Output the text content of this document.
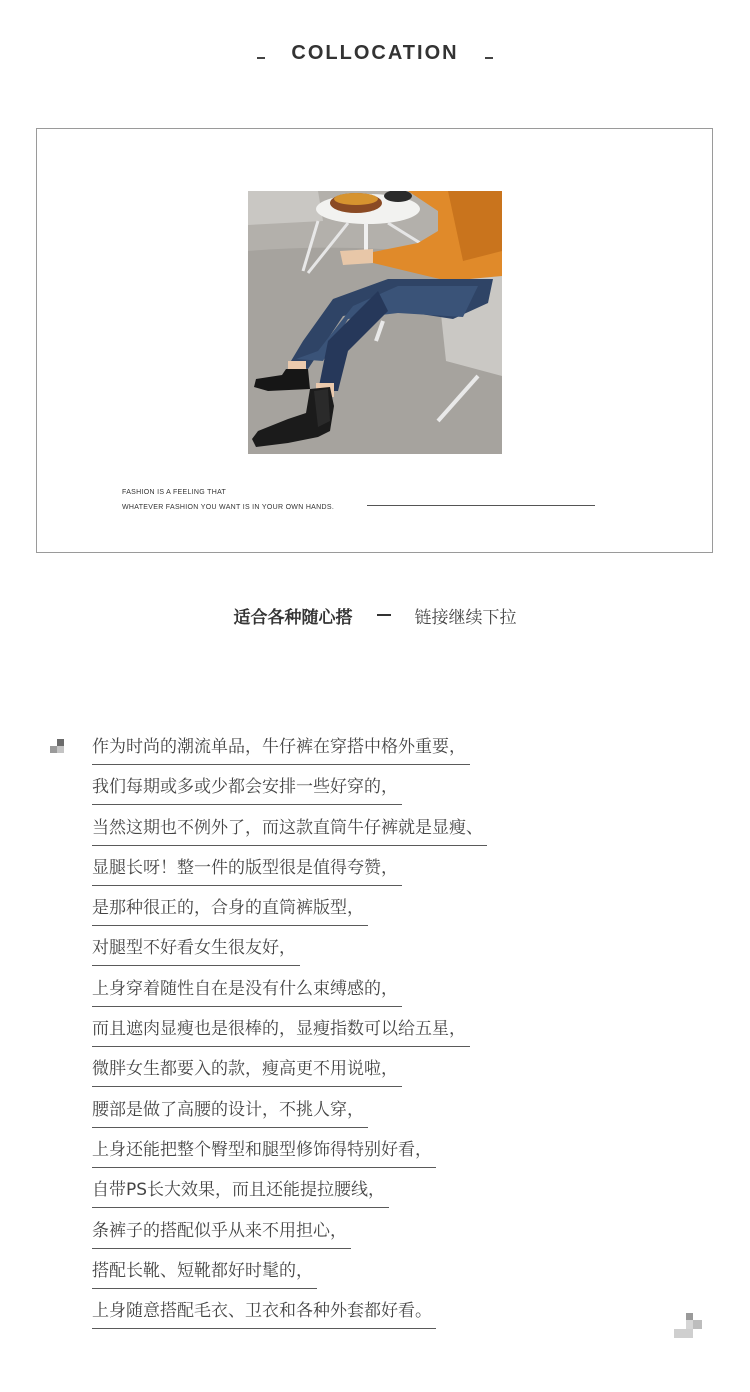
COLLOCATION
FASHION IS A FEELING THAT
WHATEVER FASHION YOU WANT IS IN YOUR OWN HANDS.
适合各种随心搭	链接继续下拉
作为时尚的潮流单品，牛仔裤在穿搭中格外重要，
我们每期或多或少都会安排一些好穿的，
当然这期也不例外了，而这款直筒牛仔裤就是显瘦、
显腿长呀！整一件的版型很是值得夸赞，
是那种很正的，合身的直筒裤版型，
对腿型不好看女生很友好，
上身穿着随性自在是没有什么束缚感的，
而且遮肉显瘦也是很棒的，显瘦指数可以给五星，
微胖女生都要入的款，瘦高更不用说啦，
腰部是做了高腰的设计，不挑人穿，
上身还能把整个臀型和腿型修饰得特别好看，
自带PS长大效果，而且还能提拉腰线，
条裤子的搭配似乎从来不用担心，
搭配长靴、短靴都好时髦的，
上身随意搭配毛衣、卫衣和各种外套都好看。
